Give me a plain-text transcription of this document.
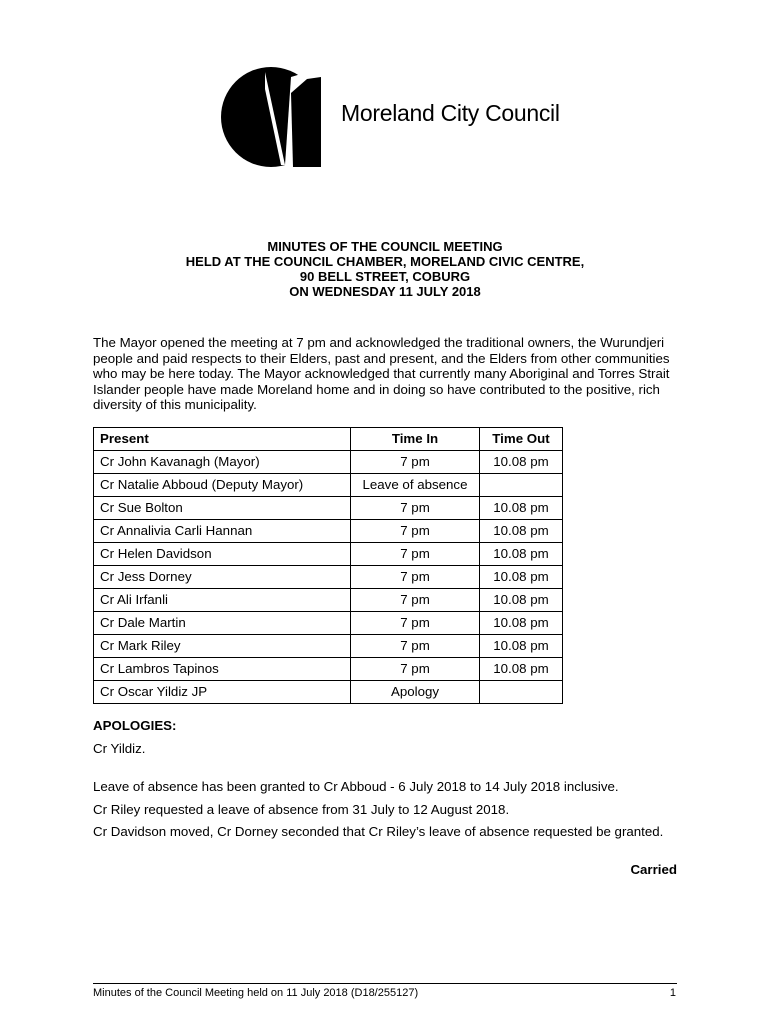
Moreland City Council
MINUTES OF THE COUNCIL MEETING
HELD AT THE COUNCIL CHAMBER, MORELAND CIVIC CENTRE,
90 BELL STREET, COBURG
ON WEDNESDAY 11 JULY 2018
The Mayor opened the meeting at 7 pm and acknowledged the traditional owners, the Wurundjeri people and paid respects to their Elders, past and present, and the Elders from other communities who may be here today. The Mayor acknowledged that currently many Aboriginal and Torres Strait Islander people have made Moreland home and in doing so have contributed to the positive, rich diversity of this municipality.
Present	Time In	Time Out
Cr John Kavanagh (Mayor)	7 pm	10.08 pm
Cr Natalie Abboud (Deputy Mayor)	Leave of absence	
Cr Sue Bolton	7 pm	10.08 pm
Cr Annalivia Carli Hannan	7 pm	10.08 pm
Cr Helen Davidson	7 pm	10.08 pm
Cr Jess Dorney	7 pm	10.08 pm
Cr Ali Irfanli	7 pm	10.08 pm
Cr Dale Martin	7 pm	10.08 pm
Cr Mark Riley	7 pm	10.08 pm
Cr Lambros Tapinos	7 pm	10.08 pm
Cr Oscar Yildiz JP	Apology	
APOLOGIES:
Cr Yildiz.
Leave of absence has been granted to Cr Abboud - 6 July 2018 to 14 July 2018 inclusive.
Cr Riley requested a leave of absence from 31 July to 12 August 2018.
Cr Davidson moved, Cr Dorney seconded that Cr Riley’s leave of absence requested be granted.
Carried
Minutes of the Council Meeting held on 11 July 2018 (D18/255127)	1
